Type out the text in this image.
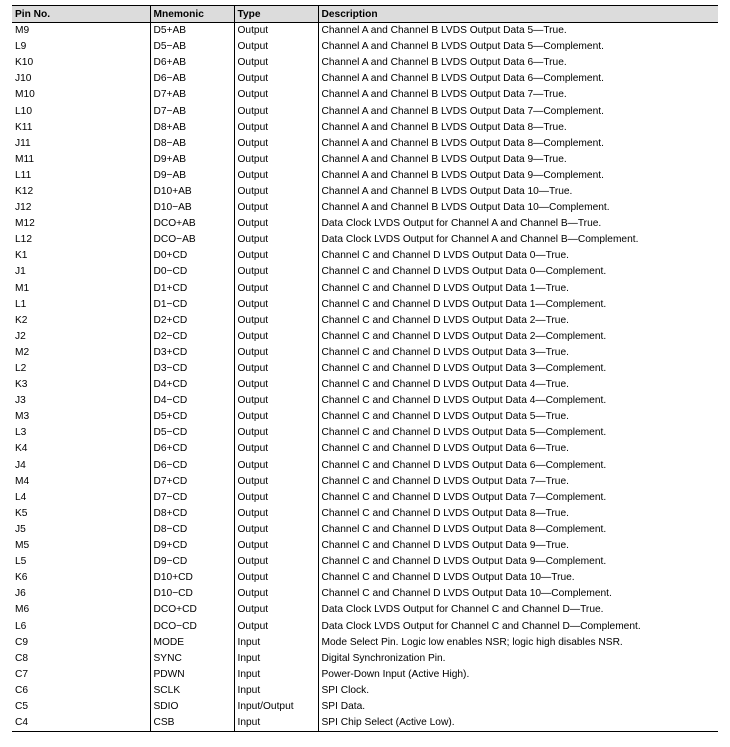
Pin No.	Mnemonic	Type	Description
M9	D5+AB	Output	Channel A and Channel B LVDS Output Data 5—True.
L9	D5−AB	Output	Channel A and Channel B LVDS Output Data 5—Complement.
K10	D6+AB	Output	Channel A and Channel B LVDS Output Data 6—True.
J10	D6−AB	Output	Channel A and Channel B LVDS Output Data 6—Complement.
M10	D7+AB	Output	Channel A and Channel B LVDS Output Data 7—True.
L10	D7−AB	Output	Channel A and Channel B LVDS Output Data 7—Complement.
K11	D8+AB	Output	Channel A and Channel B LVDS Output Data 8—True.
J11	D8−AB	Output	Channel A and Channel B LVDS Output Data 8—Complement.
M11	D9+AB	Output	Channel A and Channel B LVDS Output Data 9—True.
L11	D9−AB	Output	Channel A and Channel B LVDS Output Data 9—Complement.
K12	D10+AB	Output	Channel A and Channel B LVDS Output Data 10—True.
J12	D10−AB	Output	Channel A and Channel B LVDS Output Data 10—Complement.
M12	DCO+AB	Output	Data Clock LVDS Output for Channel A and Channel B—True.
L12	DCO−AB	Output	Data Clock LVDS Output for Channel A and Channel B—Complement.
K1	D0+CD	Output	Channel C and Channel D LVDS Output Data 0—True.
J1	D0−CD	Output	Channel C and Channel D LVDS Output Data 0—Complement.
M1	D1+CD	Output	Channel C and Channel D LVDS Output Data 1—True.
L1	D1−CD	Output	Channel C and Channel D LVDS Output Data 1—Complement.
K2	D2+CD	Output	Channel C and Channel D LVDS Output Data 2—True.
J2	D2−CD	Output	Channel C and Channel D LVDS Output Data 2—Complement.
M2	D3+CD	Output	Channel C and Channel D LVDS Output Data 3—True.
L2	D3−CD	Output	Channel C and Channel D LVDS Output Data 3—Complement.
K3	D4+CD	Output	Channel C and Channel D LVDS Output Data 4—True.
J3	D4−CD	Output	Channel C and Channel D LVDS Output Data 4—Complement.
M3	D5+CD	Output	Channel C and Channel D LVDS Output Data 5—True.
L3	D5−CD	Output	Channel C and Channel D LVDS Output Data 5—Complement.
K4	D6+CD	Output	Channel C and Channel D LVDS Output Data 6—True.
J4	D6−CD	Output	Channel C and Channel D LVDS Output Data 6—Complement.
M4	D7+CD	Output	Channel C and Channel D LVDS Output Data 7—True.
L4	D7−CD	Output	Channel C and Channel D LVDS Output Data 7—Complement.
K5	D8+CD	Output	Channel C and Channel D LVDS Output Data 8—True.
J5	D8−CD	Output	Channel C and Channel D LVDS Output Data 8—Complement.
M5	D9+CD	Output	Channel C and Channel D LVDS Output Data 9—True.
L5	D9−CD	Output	Channel C and Channel D LVDS Output Data 9—Complement.
K6	D10+CD	Output	Channel C and Channel D LVDS Output Data 10—True.
J6	D10−CD	Output	Channel C and Channel D LVDS Output Data 10—Complement.
M6	DCO+CD	Output	Data Clock LVDS Output for Channel C and Channel D—True.
L6	DCO−CD	Output	Data Clock LVDS Output for Channel C and Channel D—Complement.
C9	MODE	Input	Mode Select Pin. Logic low enables NSR; logic high disables NSR.
C8	SYNC	Input	Digital Synchronization Pin.
C7	PDWN	Input	Power-Down Input (Active High).
C6	SCLK	Input	SPI Clock.
C5	SDIO	Input/Output	SPI Data.
C4	CSB	Input	SPI Chip Select (Active Low).
